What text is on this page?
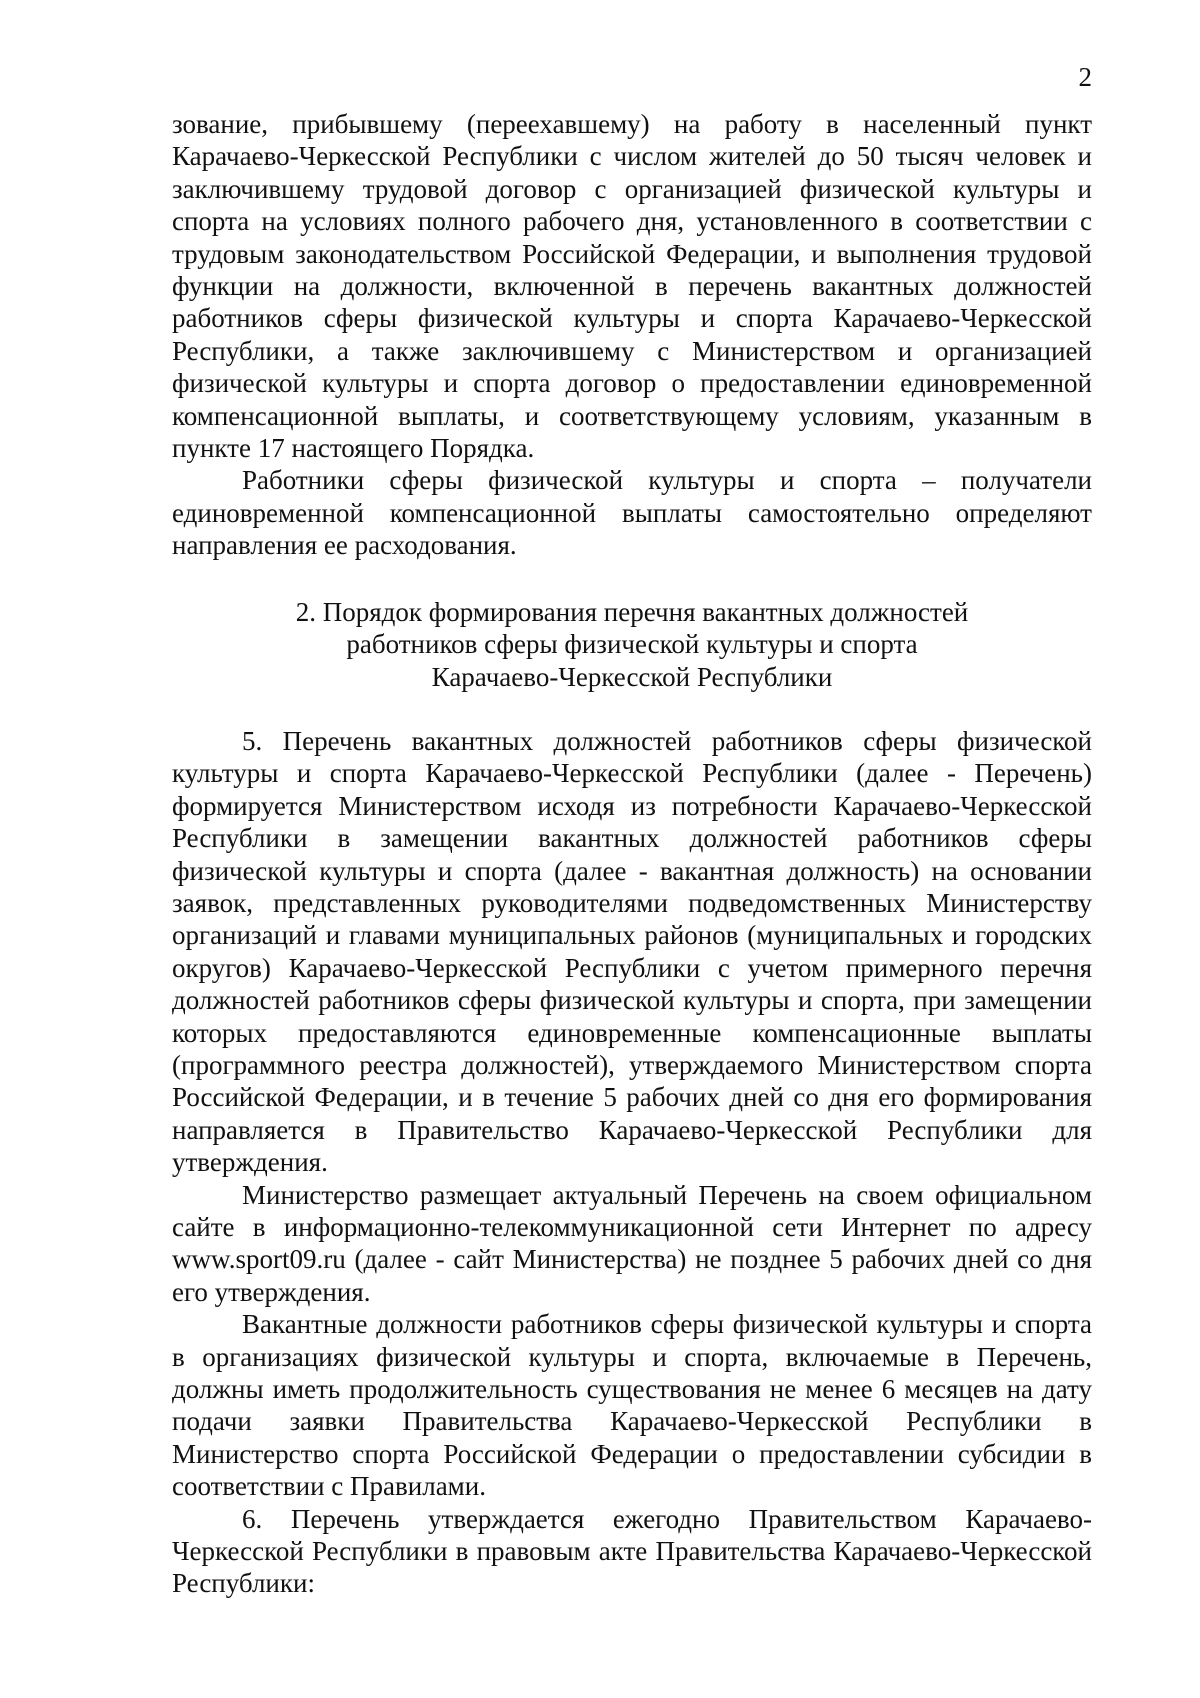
2

зование, прибывшему (переехавшему) на работу в населенный пункт Карачаево-Черкесской Республики с числом жителей до 50 тысяч человек и заключившему трудовой договор с организацией физической культуры и спорта на условиях полного рабочего дня, установленного в соответствии с трудовым законодательством Российской Федерации, и выполнения трудовой функции на должности, включенной в перечень вакантных должностей работников сферы физической культуры и спорта Карачаево-Черкесской Республики, а также заключившему с Министерством и организацией физической культуры и спорта договор о предоставлении единовременной компенсационной выплаты, и соответствующему условиям, указанным в пункте 17 настоящего Порядка.

Работники сферы физической культуры и спорта – получатели единовременной компенсационной выплаты самостоятельно определяют направления ее расходования.

2. Порядок формирования перечня вакантных должностей
работников сферы физической культуры и спорта
Карачаево-Черкесской Республики

5. Перечень вакантных должностей работников сферы физической культуры и спорта Карачаево-Черкесской Республики (далее - Перечень) формируется Министерством исходя из потребности Карачаево-Черкесской Республики в замещении вакантных должностей работников сферы физической культуры и спорта (далее - вакантная должность) на основании заявок, представленных руководителями подведомственных Министерству организаций и главами муниципальных районов (муниципальных и городских округов) Карачаево-Черкесской Республики с учетом примерного перечня должностей работников сферы физической культуры и спорта, при замещении которых предоставляются единовременные компенсационные выплаты (программного реестра должностей), утверждаемого Министерством спорта Российской Федерации, и в течение 5 рабочих дней со дня его формирования направляется в Правительство Карачаево-Черкесской Республики для утверждения.

Министерство размещает актуальный Перечень на своем официальном сайте в информационно-телекоммуникационной сети Интернет по адресу www.sport09.ru (далее - сайт Министерства) не позднее 5 рабочих дней со дня его утверждения.

Вакантные должности работников сферы физической культуры и спорта в организациях физической культуры и спорта, включаемые в Перечень, должны иметь продолжительность существования не менее 6 месяцев на дату подачи заявки Правительства Карачаево-Черкесской Республики в Министерство спорта Российской Федерации о предоставлении субсидии в соответствии с Правилами.

6. Перечень утверждается ежегодно Правительством Карачаево-Черкесской Республики в правовым акте Правительства Карачаево-Черкесской Республики:
